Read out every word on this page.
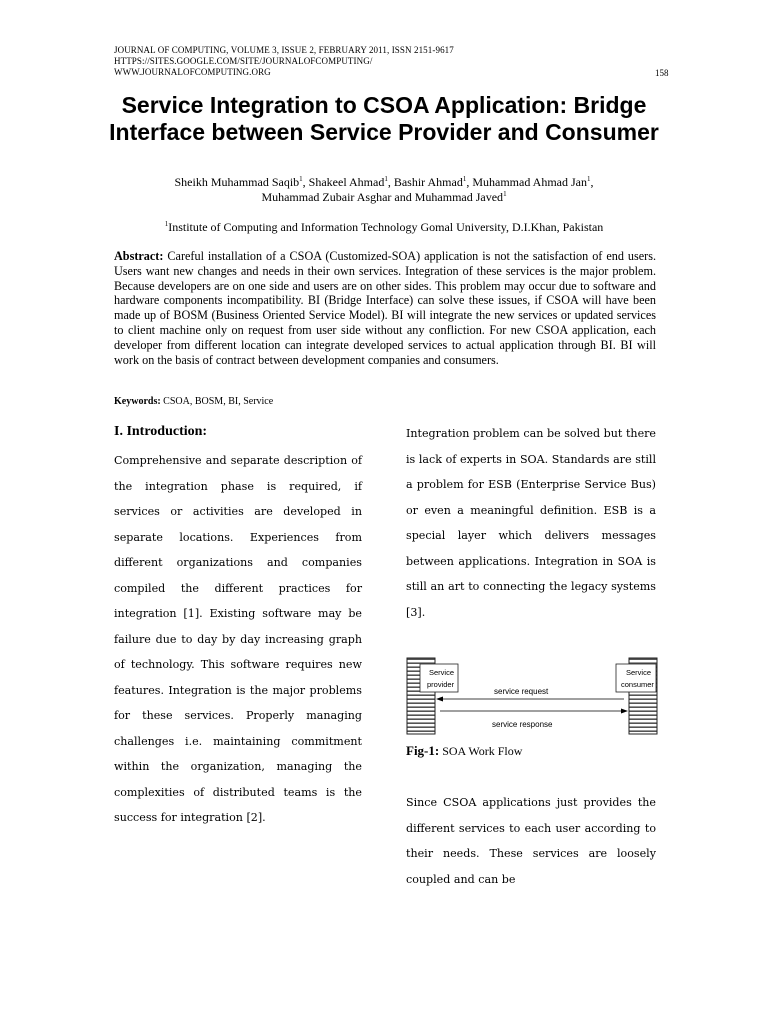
JOURNAL OF COMPUTING, VOLUME 3, ISSUE 2, FEBRUARY 2011, ISSN 2151-9617
HTTPS://SITES.GOOGLE.COM/SITE/JOURNALOFCOMPUTING/
WWW.JOURNALOFCOMPUTING.ORG	158
Service Integration to CSOA Application: Bridge Interface between Service Provider and Consumer
Sheikh Muhammad Saqib$^1$, Shakeel Ahmad$^1$, Bashir Ahmad$^1$, Muhammad Ahmad Jan$^1$,
Muhammad Zubair Asghar and Muhammad Javed$^1$
$^1$Institute of Computing and Information Technology Gomal University, D.I.Khan, Pakistan
Abstract: Careful installation of a CSOA (Customized-SOA) application is not the satisfaction of end users. Users want new changes and needs in their own services. Integration of these services is the major problem. Because developers are on one side and users are on other sides. This problem may occur due to software and hardware components incompatibility. BI (Bridge Interface) can solve these issues, if CSOA will have been made up of BOSM (Business Oriented Service Model). BI will integrate the new services or updated services to client machine only on request from user side without any confliction. For new CSOA application, each developer from different location can integrate developed services to actual application through BI. BI will work on the basis of contract between development companies and consumers.
Keywords: CSOA, BOSM, BI, Service
I. Introduction:

Comprehensive and separate description of the integration phase is required, if services or activities are developed in separate locations. Experiences from different organizations and companies compiled the different practices for integration [1]. Existing software may be failure due to day by day increasing graph of technology. This software requires new features. Integration is the major problems for these services. Properly managing challenges i.e. maintaining commitment within the organization, managing the complexities of distributed teams is the success for integration [2].

Integration problem can be solved but there is lack of experts in SOA. Standards are still a problem for ESB (Enterprise Service Bus) or even a meaningful definition. ESB is a special layer which delivers messages between applications. Integration in SOA is still an art to connecting the legacy systems [3].

Service
provider
Service
consumer
service request
service response
Fig-1: SOA Work Flow

Since CSOA applications just provides the different services to each user according to their needs. These services are loosely coupled and can be
